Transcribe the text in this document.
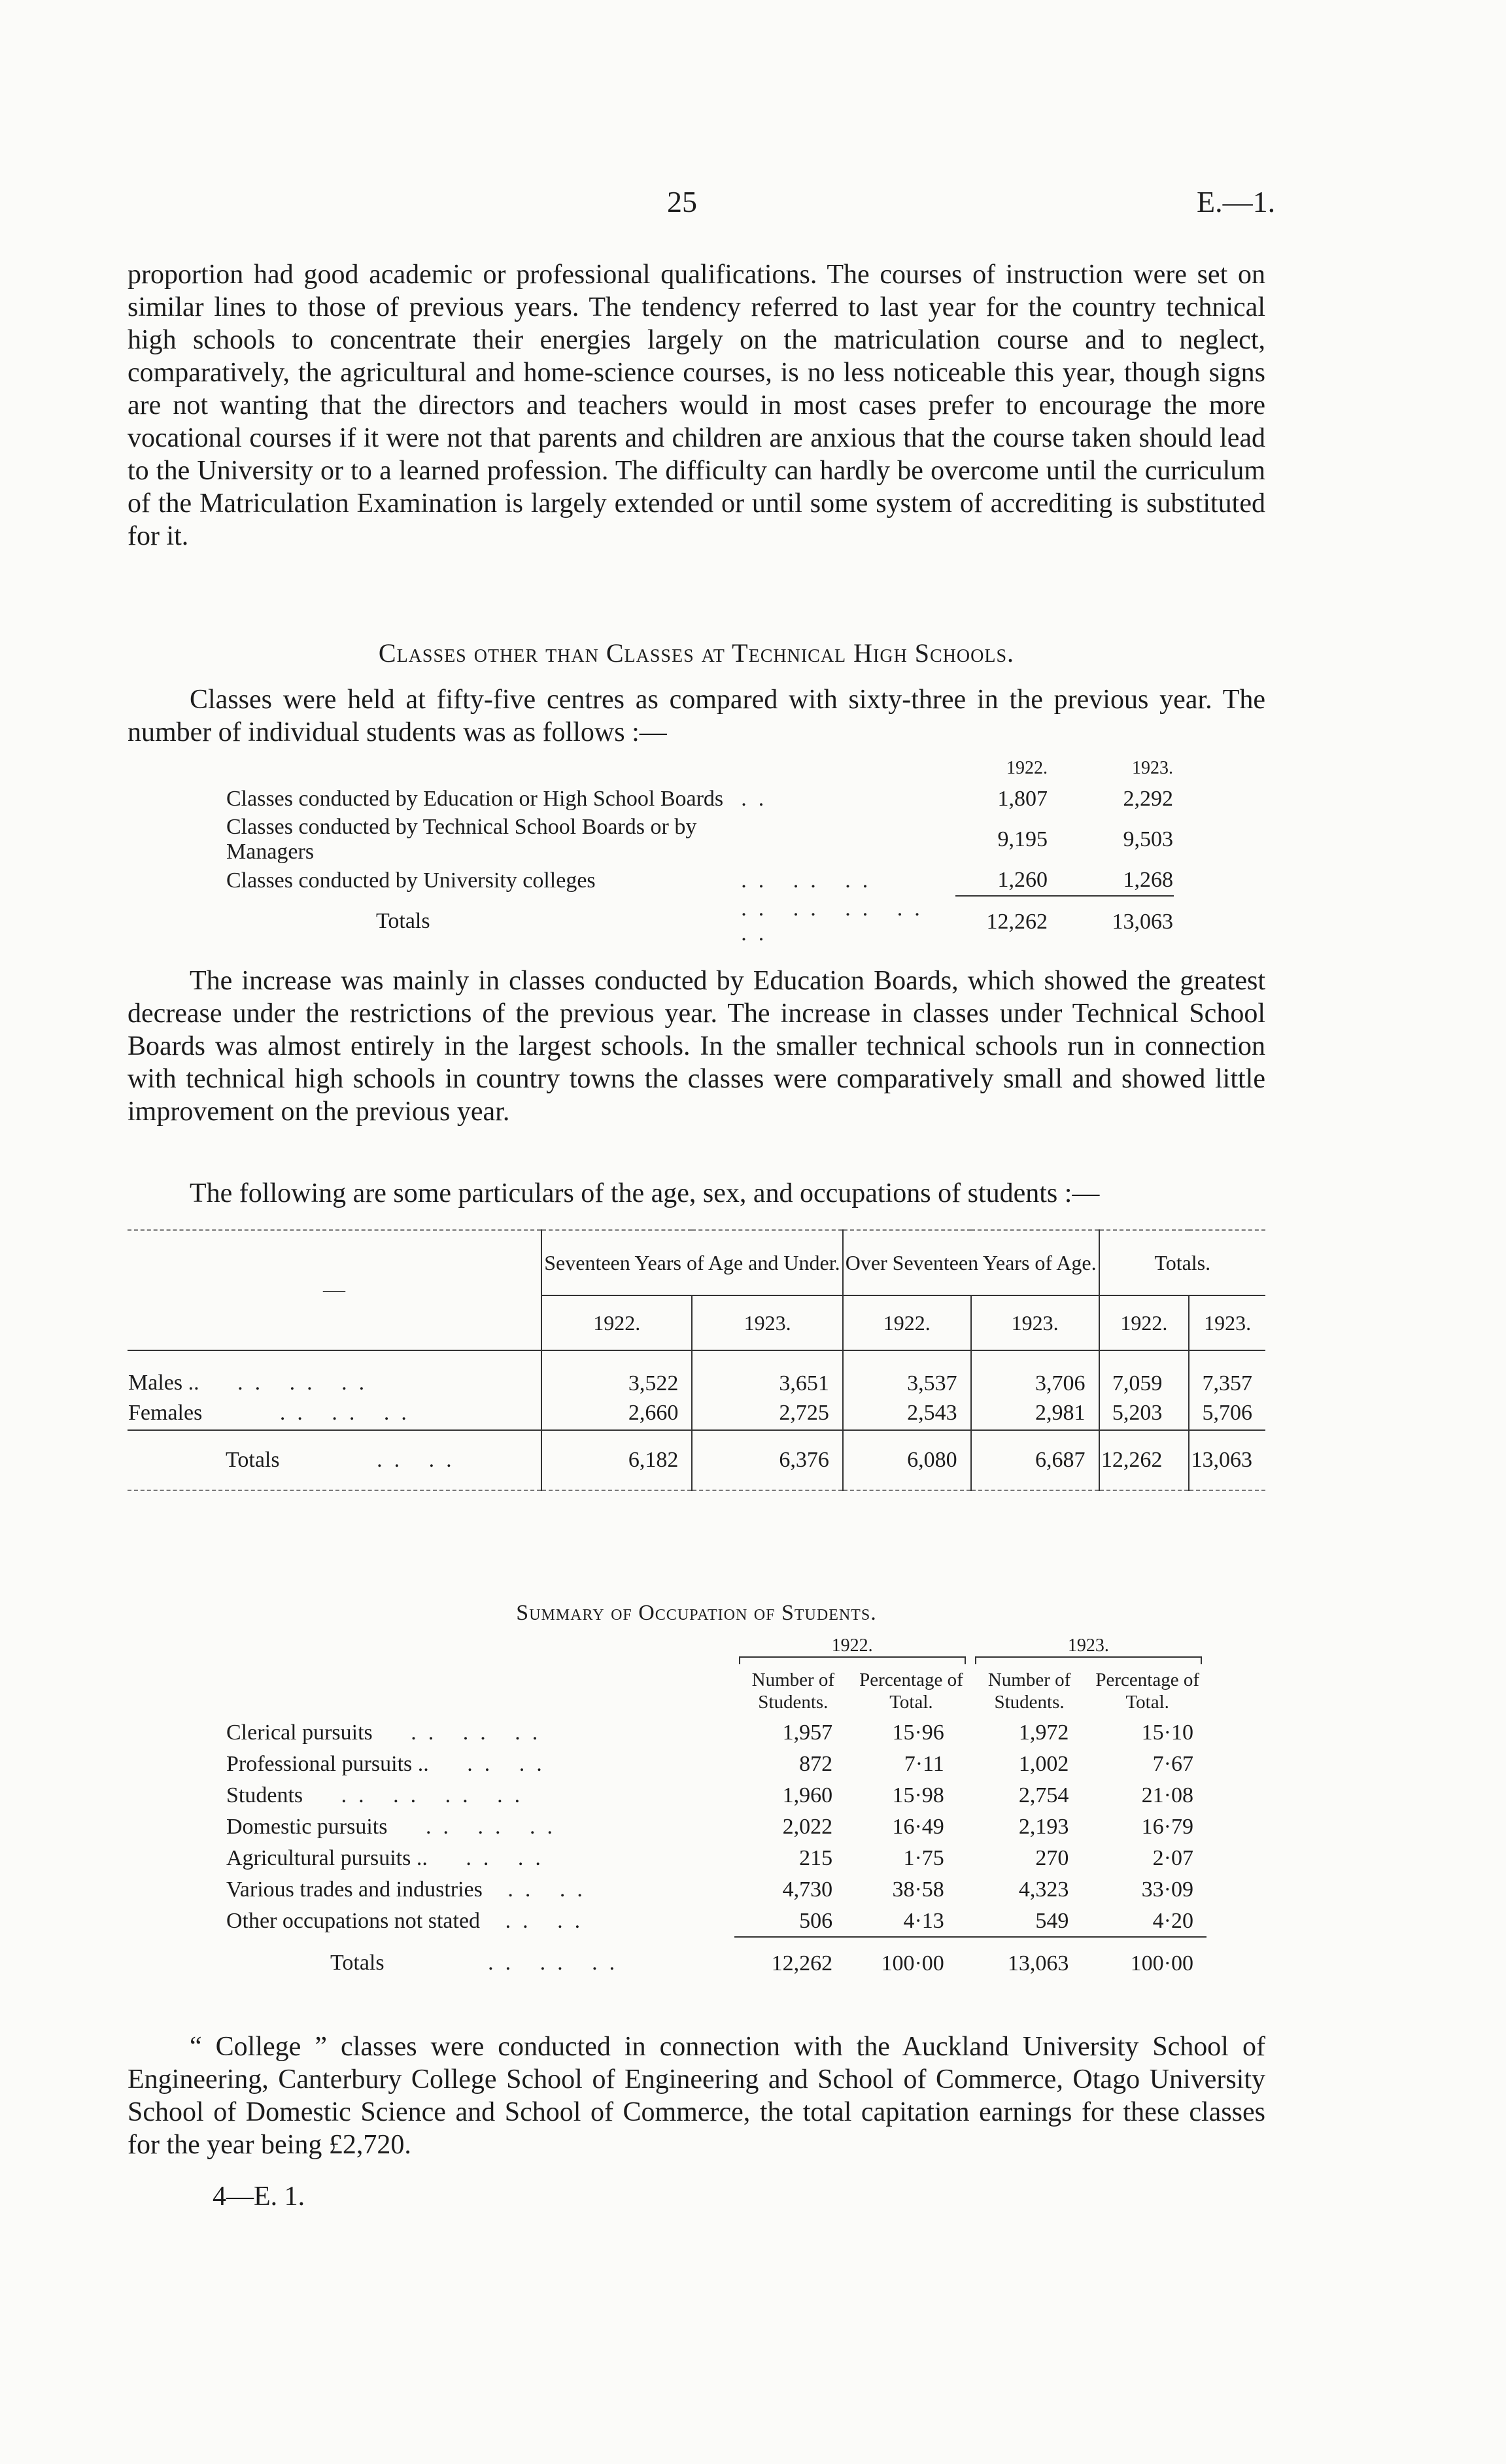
25	E.—1.

proportion had good academic or professional qualifications. The courses of instruction were set on similar lines to those of previous years. The tendency referred to last year for the country technical high schools to concentrate their energies largely on the matriculation course and to neglect, comparatively, the agricultural and home-science courses, is no less noticeable this year, though signs are not wanting that the directors and teachers would in most cases prefer to encourage the more vocational courses if it were not that parents and children are anxious that the course taken should lead to the University or to a learned profession. The difficulty can hardly be overcome until the curriculum of the Matriculation Examination is largely extended or until some system of accrediting is substituted for it.

Classes other than Classes at Technical High Schools.

Classes were held at fifty-five centres as compared with sixty-three in the previous year. The number of individual students was as follows :—

		1922.	1923.
Classes conducted by Education or High School Boards	..	1,807	2,292
Classes conducted by Technical School Boards or by Managers		9,195	9,503
Classes conducted by University colleges	.. .. ..	1,260	1,268
Totals	.. .. .. .. ..	12,262	13,063

The increase was mainly in classes conducted by Education Boards, which showed the greatest decrease under the restrictions of the previous year. The increase in classes under Technical School Boards was almost entirely in the largest schools. In the smaller technical schools run in connection with technical high schools in country towns the classes were comparatively small and showed little improvement on the previous year.

The following are some particulars of the age, sex, and occupations of students :—

—	Seventeen Years of Age and Under.		Over Seventeen Years of Age.		Totals.	
	1922.	1923.	1922.	1923.	1922.	1923.
Males .. .. .. ..	3,522	3,651	3,537	3,706	7,059	7,357
Females .. .. ..	2,660	2,725	2,543	2,981	5,203	5,706
Totals .. ..	6,182	6,376	6,080	6,687	12,262	13,063
Summary of Occupation of Students.
	1922.		1923.	

	Number of Students.	Percentage of Total.	Number of Students.	Percentage of Total.
Clerical pursuits .. .. ..	1,957	15·96	1,972	15·10
Professional pursuits .. .. ..	872	7·11	1,002	7·67
Students .. .. .. ..	1,960	15·98	2,754	21·08
Domestic pursuits .. .. ..	2,022	16·49	2,193	16·79
Agricultural pursuits .. .. ..	215	1·75	270	2·07
Various trades and industries .. ..	4,730	38·58	4,323	33·09
Other occupations not stated .. ..	506	4·13	549	4·20
Totals .. .. ..	12,262	100·00	13,063	100·00

“ College ” classes were conducted in connection with the Auckland University School of Engineering, Canterbury College School of Engineering and School of Commerce, Otago University School of Domestic Science and School of Commerce, the total capitation earnings for these classes for the year being £2,720.

4—E. 1.
